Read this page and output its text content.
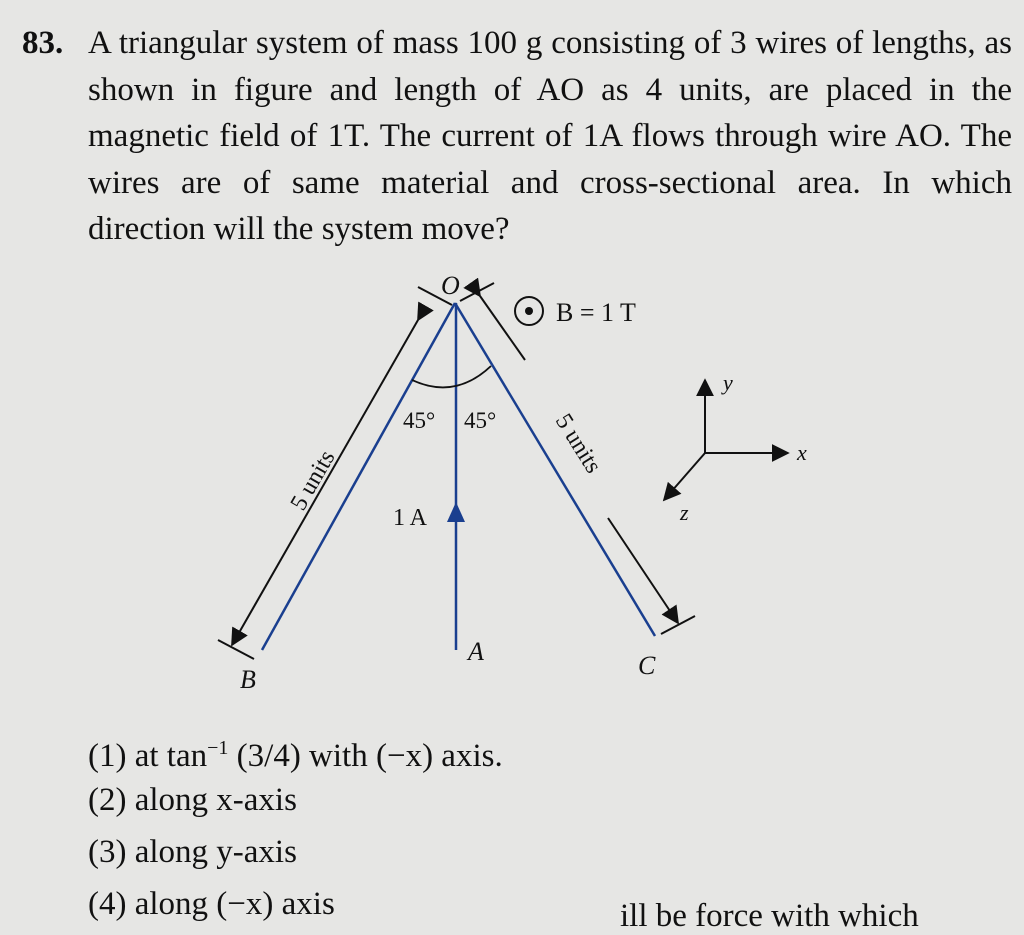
83. A triangular system of mass 100 g consisting of 3 wires of lengths, as shown in figure and length of AO as 4 units, are placed in the magnetic field of 1T. The current of 1A flows through wire AO. The wires are of same material and cross-sectional area. In which direction will the system move?
O
A
B	C
B = 1 T
45° 45°
1 A
5 units
5 units
y
x
z
(1) at $\tan^{-1} (3/4)$ with (−x) axis.
(2) along x-axis
(3) along y-axis
(4) along (−x) axis	ill be force with which
